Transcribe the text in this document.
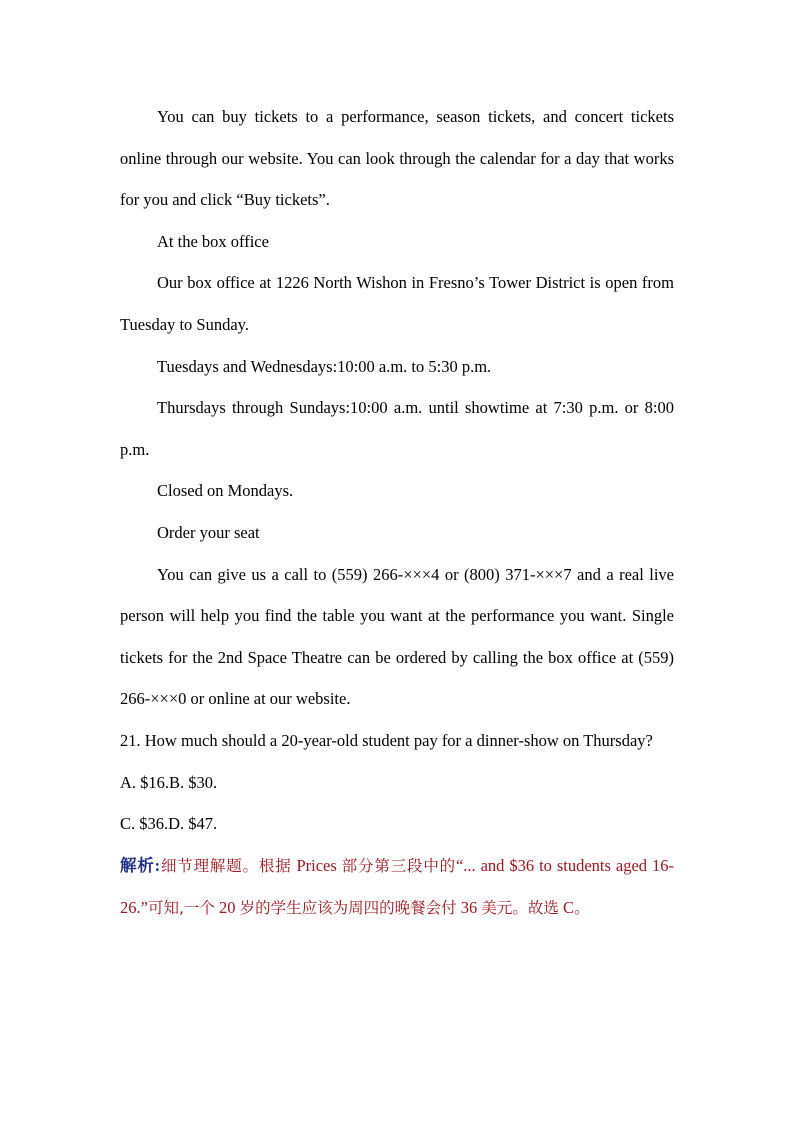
You can buy tickets to a performance, season tickets, and concert tickets online through our website. You can look through the calendar for a day that works for you and click “Buy tickets”.

At the box office

Our box office at 1226 North Wishon in Fresno’s Tower District is open from Tuesday to Sunday.

Tuesdays and Wednesdays:10:00 a.m. to 5:30 p.m.

Thursdays through Sundays:10:00 a.m. until showtime at 7:30 p.m. or 8:00 p.m.

Closed on Mondays.

Order your seat

You can give us a call to (559) 266-×××4 or (800) 371-×××7 and a real live person will help you find the table you want at the performance you want. Single tickets for the 2nd Space Theatre can be ordered by calling the box office at (559) 266-×××0 or online at our website.

21. How much should a 20-year-old student pay for a dinner-show on Thursday?

A. $16.B. $30.

C. $36.D. $47.

解析:细节理解题。根据 Prices 部分第三段中的“... and $36 to students aged 16-26.”可知,一个 20 岁的学生应该为周四的晚餐会付 36 美元。故选 C。
